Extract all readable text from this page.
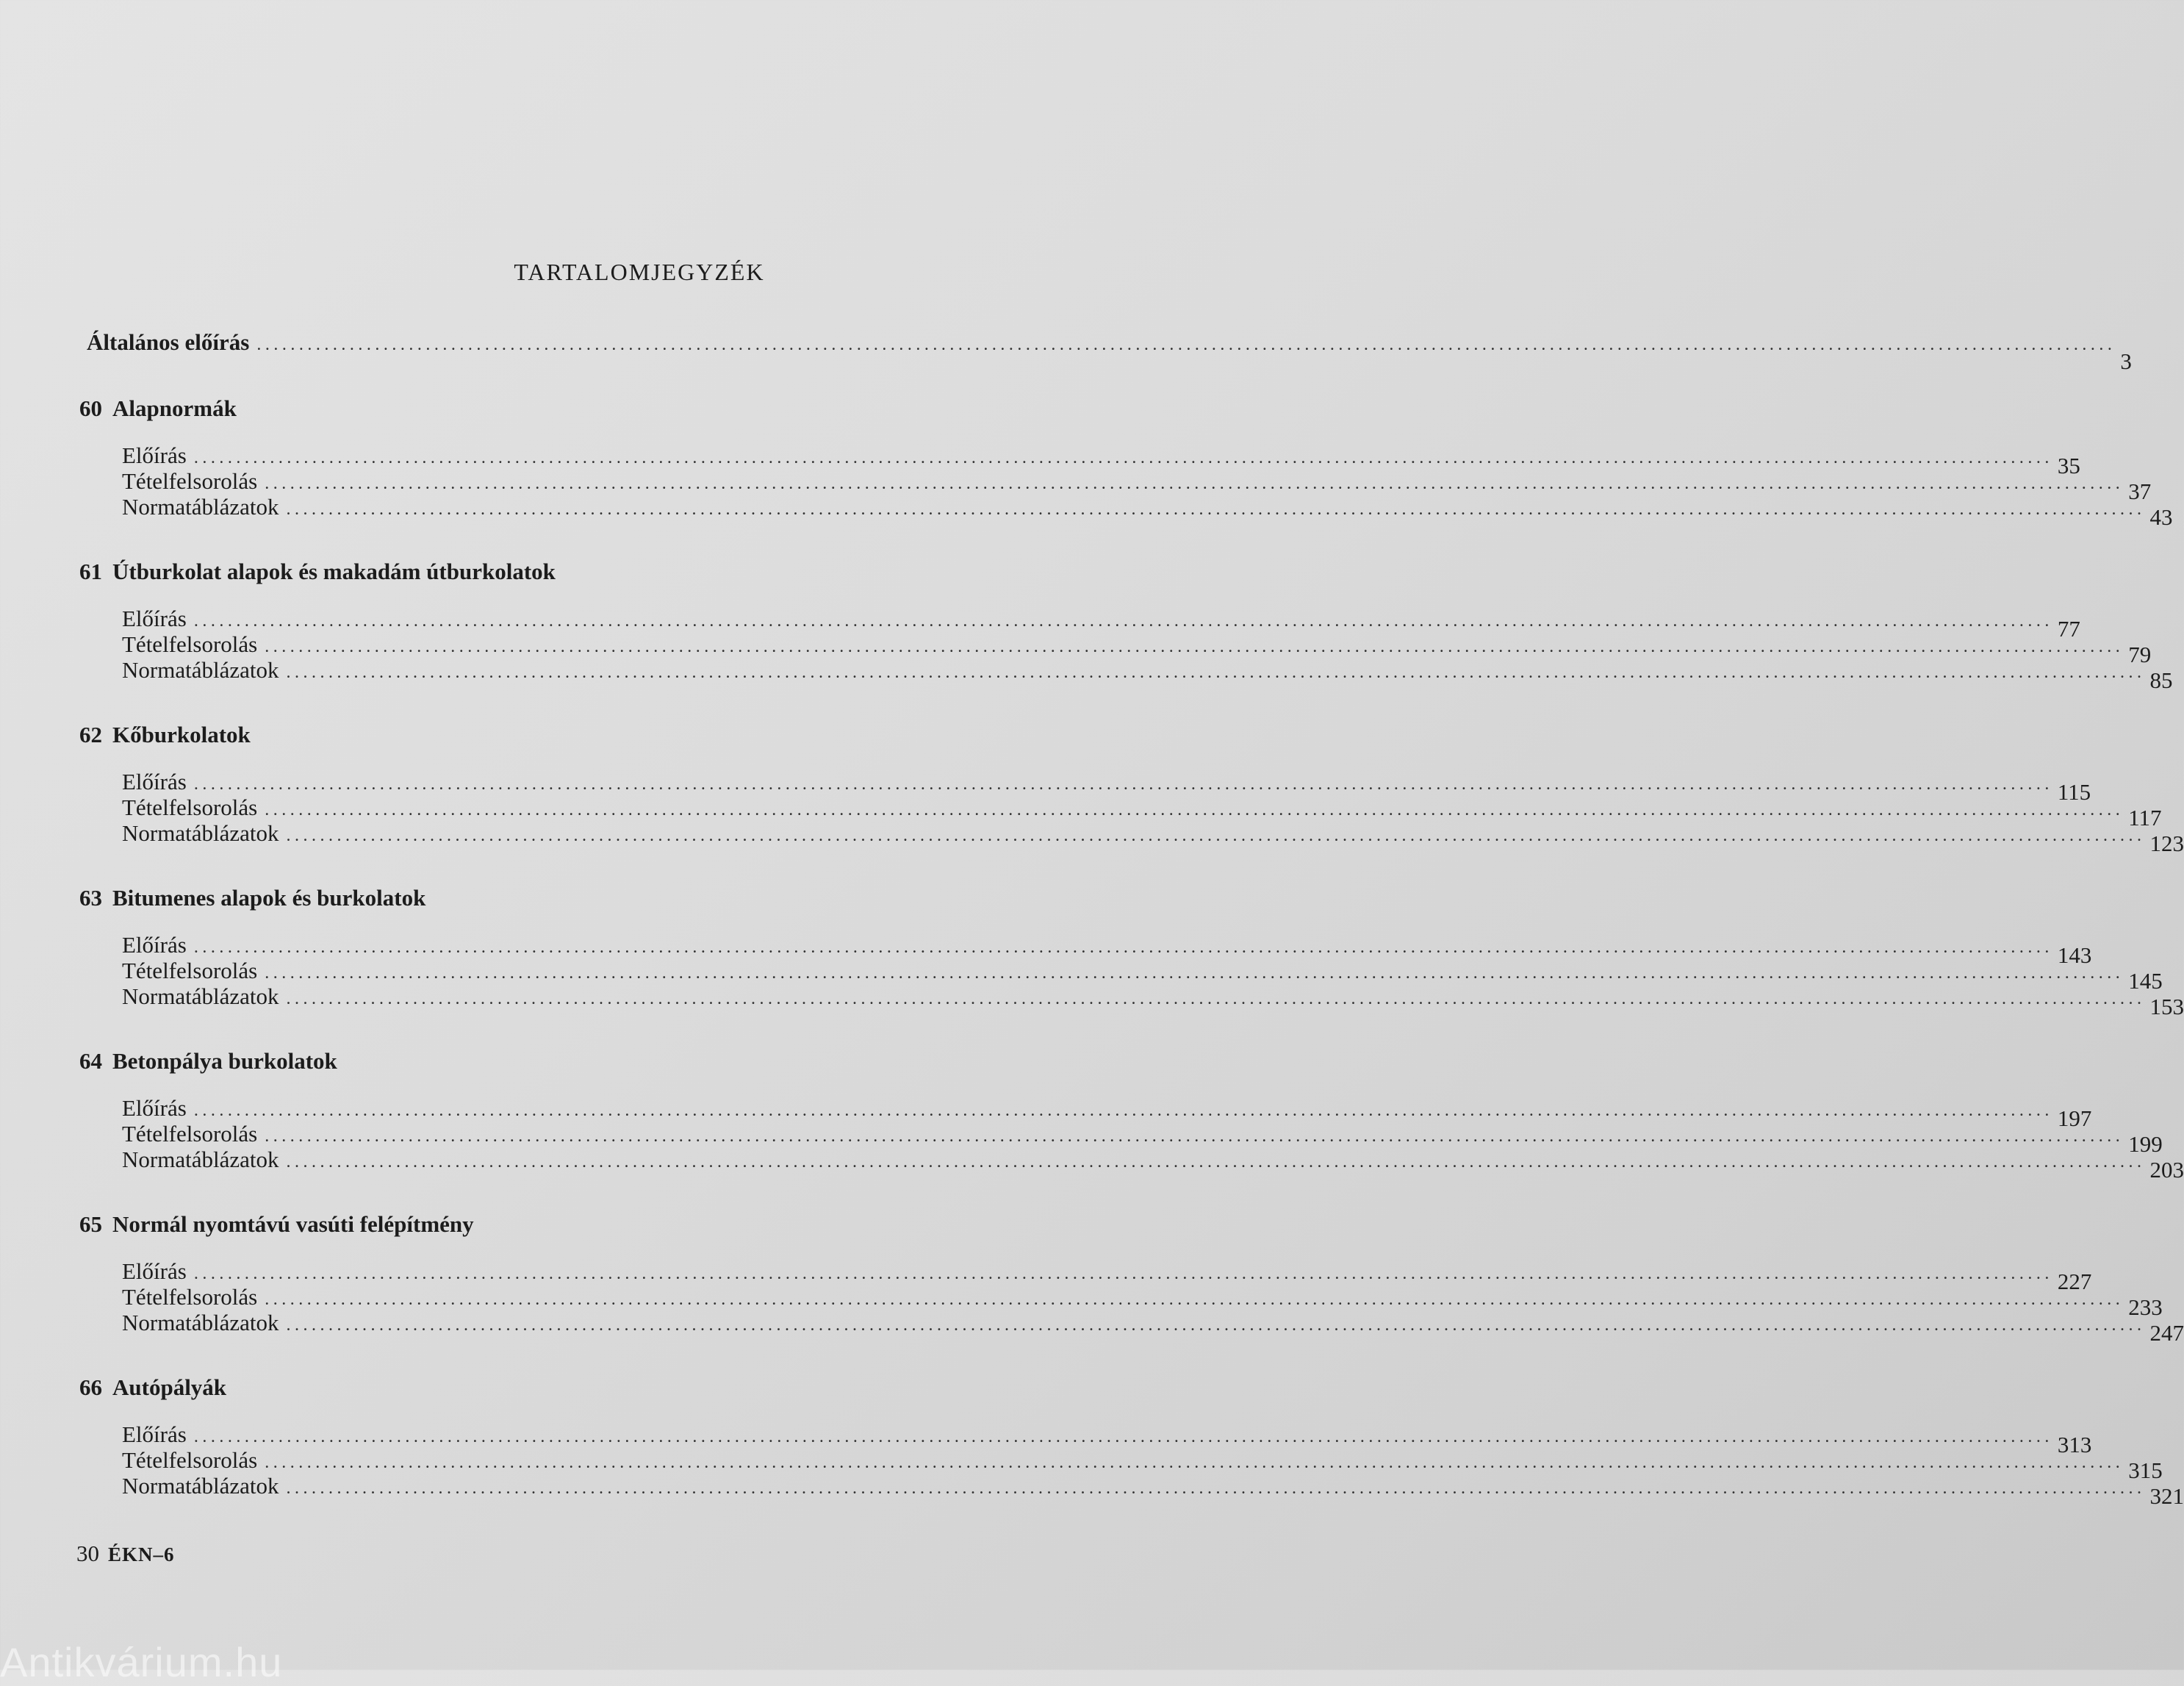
TARTALOMJEGYZÉK
Általános előírás ............................................................................................................................................................................................................................
3
60 Alapnormák
Előírás ............................................................................................................................................................................................................................ 35
Tételfelsorolás ............................................................................................................................................................................................................................ 37
Normatáblázatok ............................................................................................................................................................................................................................ 43
61 Útburkolat alapok és makadám útburkolatok
Előírás ............................................................................................................................................................................................................................ 77
Tételfelsorolás ............................................................................................................................................................................................................................ 79
Normatáblázatok ............................................................................................................................................................................................................................ 85
62 Kőburkolatok
Előírás ............................................................................................................................................................................................................................ 115
Tételfelsorolás ............................................................................................................................................................................................................................ 117
Normatáblázatok ............................................................................................................................................................................................................................ 123
63 Bitumenes alapok és burkolatok
Előírás ............................................................................................................................................................................................................................ 143
Tételfelsorolás ............................................................................................................................................................................................................................ 145
Normatáblázatok ............................................................................................................................................................................................................................ 153
64 Betonpálya burkolatok
Előírás ............................................................................................................................................................................................................................ 197
Tételfelsorolás ............................................................................................................................................................................................................................ 199
Normatáblázatok ............................................................................................................................................................................................................................ 203
65 Normál nyomtávú vasúti felépítmény
Előírás ............................................................................................................................................................................................................................ 227
Tételfelsorolás ............................................................................................................................................................................................................................ 233
Normatáblázatok ............................................................................................................................................................................................................................ 247
66 Autópályák
Előírás ............................................................................................................................................................................................................................ 313
Tételfelsorolás ............................................................................................................................................................................................................................ 315
Normatáblázatok ............................................................................................................................................................................................................................ 321
30 ÉKN–6
Antikvárium.hu
